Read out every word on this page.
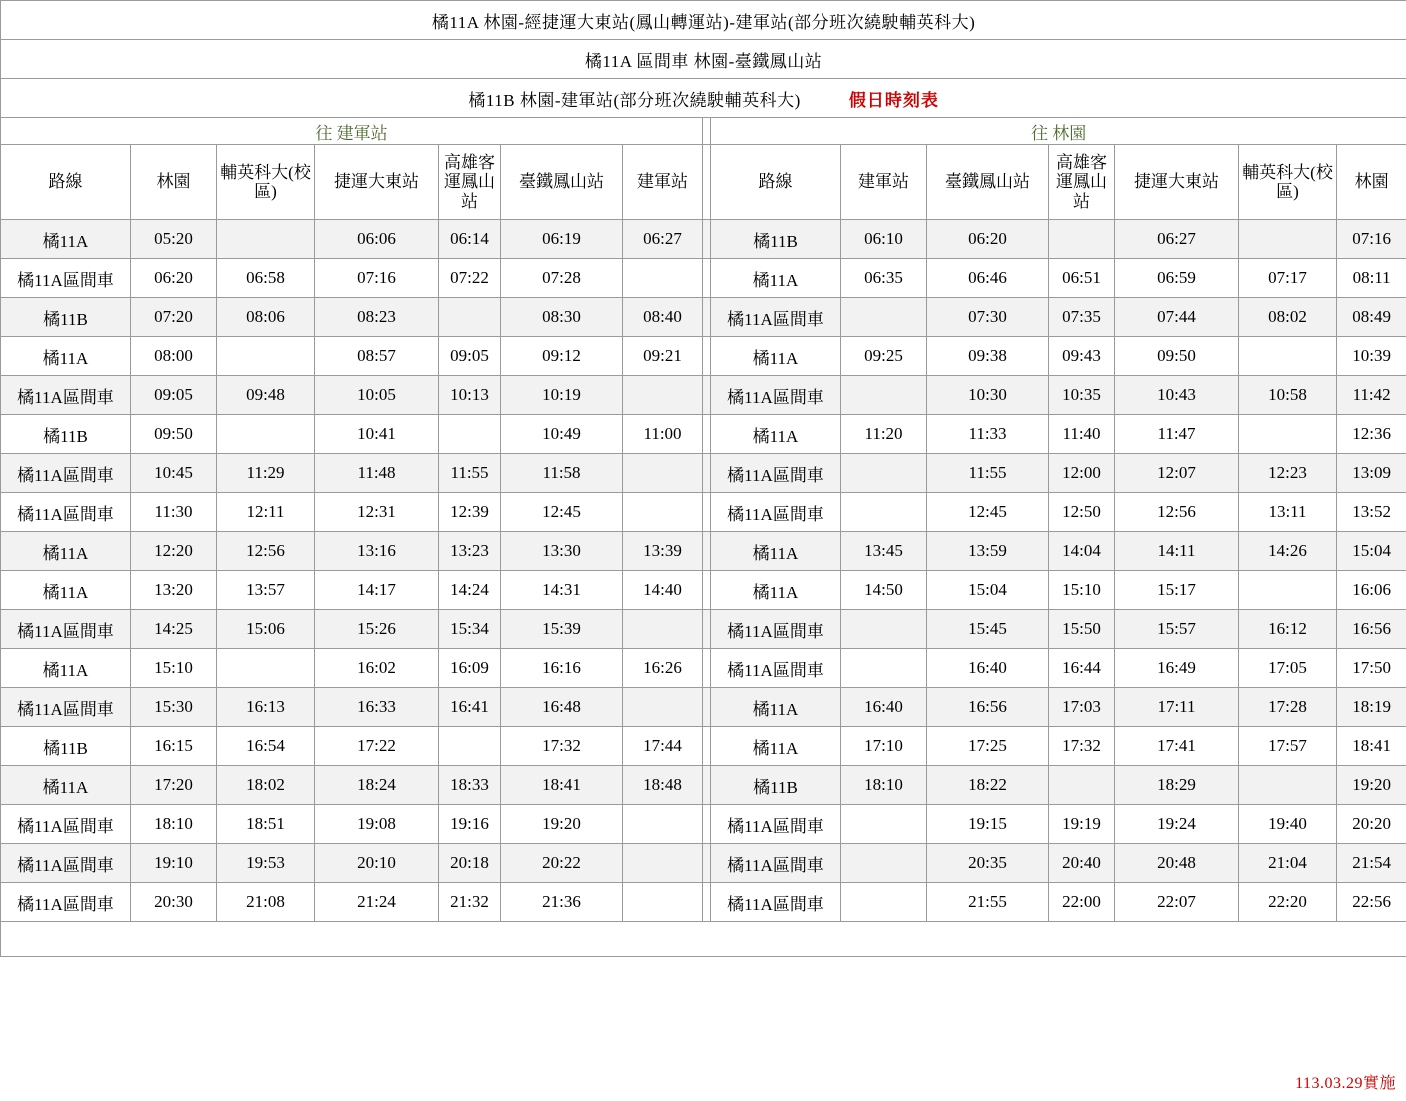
橘11A 林園-經捷運大東站(鳳山轉運站)-建軍站(部分班次繞駛輔英科大)														
橘11A 區間車 林園-臺鐵鳳山站														
橘11B 林園-建軍站(部分班次繞駛輔英科大) 假日時刻表														
往 建軍站								往 林園						
路線	林園	輔英科大(校區)	捷運大東站	高雄客運鳳山站	臺鐵鳳山站	建軍站		路線	建軍站	臺鐵鳳山站	高雄客運鳳山站	捷運大東站	輔英科大(校區)	林園
橘11A	05:20		06:06	06:14	06:19	06:27		橘11B	06:10	06:20		06:27		07:16
橘11A區間車	06:20	06:58	07:16	07:22	07:28			橘11A	06:35	06:46	06:51	06:59	07:17	08:11
橘11B	07:20	08:06	08:23		08:30	08:40		橘11A區間車		07:30	07:35	07:44	08:02	08:49
橘11A	08:00		08:57	09:05	09:12	09:21		橘11A	09:25	09:38	09:43	09:50		10:39
橘11A區間車	09:05	09:48	10:05	10:13	10:19			橘11A區間車		10:30	10:35	10:43	10:58	11:42
橘11B	09:50		10:41		10:49	11:00		橘11A	11:20	11:33	11:40	11:47		12:36
橘11A區間車	10:45	11:29	11:48	11:55	11:58			橘11A區間車		11:55	12:00	12:07	12:23	13:09
橘11A區間車	11:30	12:11	12:31	12:39	12:45			橘11A區間車		12:45	12:50	12:56	13:11	13:52
橘11A	12:20	12:56	13:16	13:23	13:30	13:39		橘11A	13:45	13:59	14:04	14:11	14:26	15:04
橘11A	13:20	13:57	14:17	14:24	14:31	14:40		橘11A	14:50	15:04	15:10	15:17		16:06
橘11A區間車	14:25	15:06	15:26	15:34	15:39			橘11A區間車		15:45	15:50	15:57	16:12	16:56
橘11A	15:10		16:02	16:09	16:16	16:26		橘11A區間車		16:40	16:44	16:49	17:05	17:50
橘11A區間車	15:30	16:13	16:33	16:41	16:48			橘11A	16:40	16:56	17:03	17:11	17:28	18:19
橘11B	16:15	16:54	17:22		17:32	17:44		橘11A	17:10	17:25	17:32	17:41	17:57	18:41
橘11A	17:20	18:02	18:24	18:33	18:41	18:48		橘11B	18:10	18:22		18:29		19:20
橘11A區間車	18:10	18:51	19:08	19:16	19:20			橘11A區間車		19:15	19:19	19:24	19:40	20:20
橘11A區間車	19:10	19:53	20:10	20:18	20:22			橘11A區間車		20:35	20:40	20:48	21:04	21:54
橘11A區間車	20:30	21:08	21:24	21:32	21:36			橘11A區間車		21:55	22:00	22:07	22:20	22:56

113.03.29實施
